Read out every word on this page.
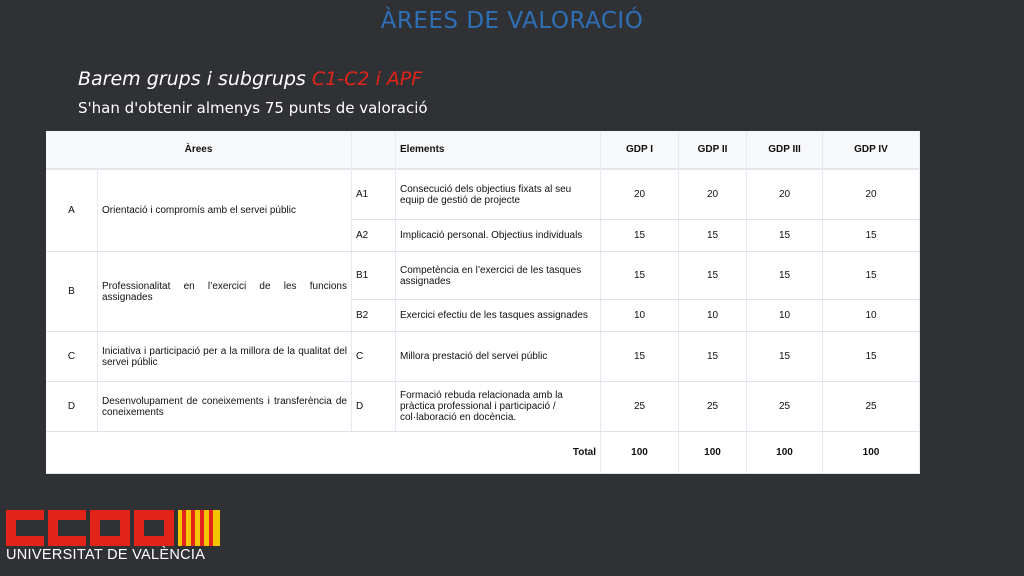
ÀREES DE VALORACIÓ
Barem grups i subgrups C1-C2 i APF
S'han d'obtenir almenys 75 punts de valoració
Àrees			Elements	GDP I	GDP II	GDP III	GDP IV
A	Orientació i compromís amb el servei públic	A1	Consecució dels objectius fixats al seu equip de gestió de projecte	20	20	20	20
		A2	Implicació personal. Objectius individuals	15	15	15	15
B	Professionalitat en l’exercici de les funcions assignades	B1	Competència en l’exercici de les tasques assignades	15	15	15	15
		B2	Exercici efectiu de les tasques assignades	10	10	10	10
C	Iniciativa i participació per a la millora de la qualitat del servei públic	C	Millora prestació del servei públic	15	15	15	15
D	Desenvolupament de coneixements i transferència de coneixements	D	Formació rebuda relacionada amb la pràctica professional i participació / col·laboració en docència.	25	25	25	25
Total				100	100	100	100
UNIVERSITAT DE VALÈNCIA
